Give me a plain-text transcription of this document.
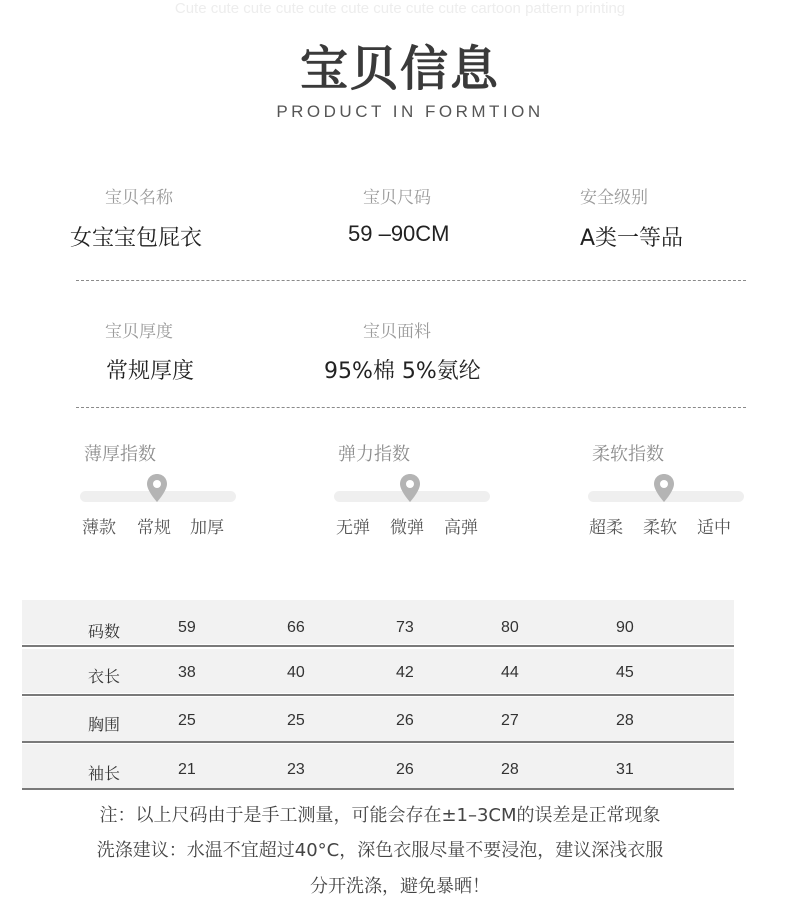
Cute cute cute cute cute cute cute cute cute cartoon pattern printing
宝贝信息
PRODUCT IN FORMTION
宝贝名称
女宝宝包屁衣
宝贝尺码
59 –90CM
安全级别
A类一等品
宝贝厚度
常规厚度
宝贝面料
95%棉 5%氨纶
薄厚指数
薄款 常规 加厚
弹力指数
无弹 微弹 高弹
柔软指数
超柔 柔软 适中
码数	59	66	73	80	90
衣长	38	40	42	44	45
胸围	25	25	26	27	28
袖长	21	23	26	28	31
注：以上尺码由于是手工测量，可能会存在±1–3CM的误差是正常现象
洗涤建议：水温不宜超过40°C，深色衣服尽量不要浸泡，建议深浅衣服
分开洗涤，避免暴晒！
